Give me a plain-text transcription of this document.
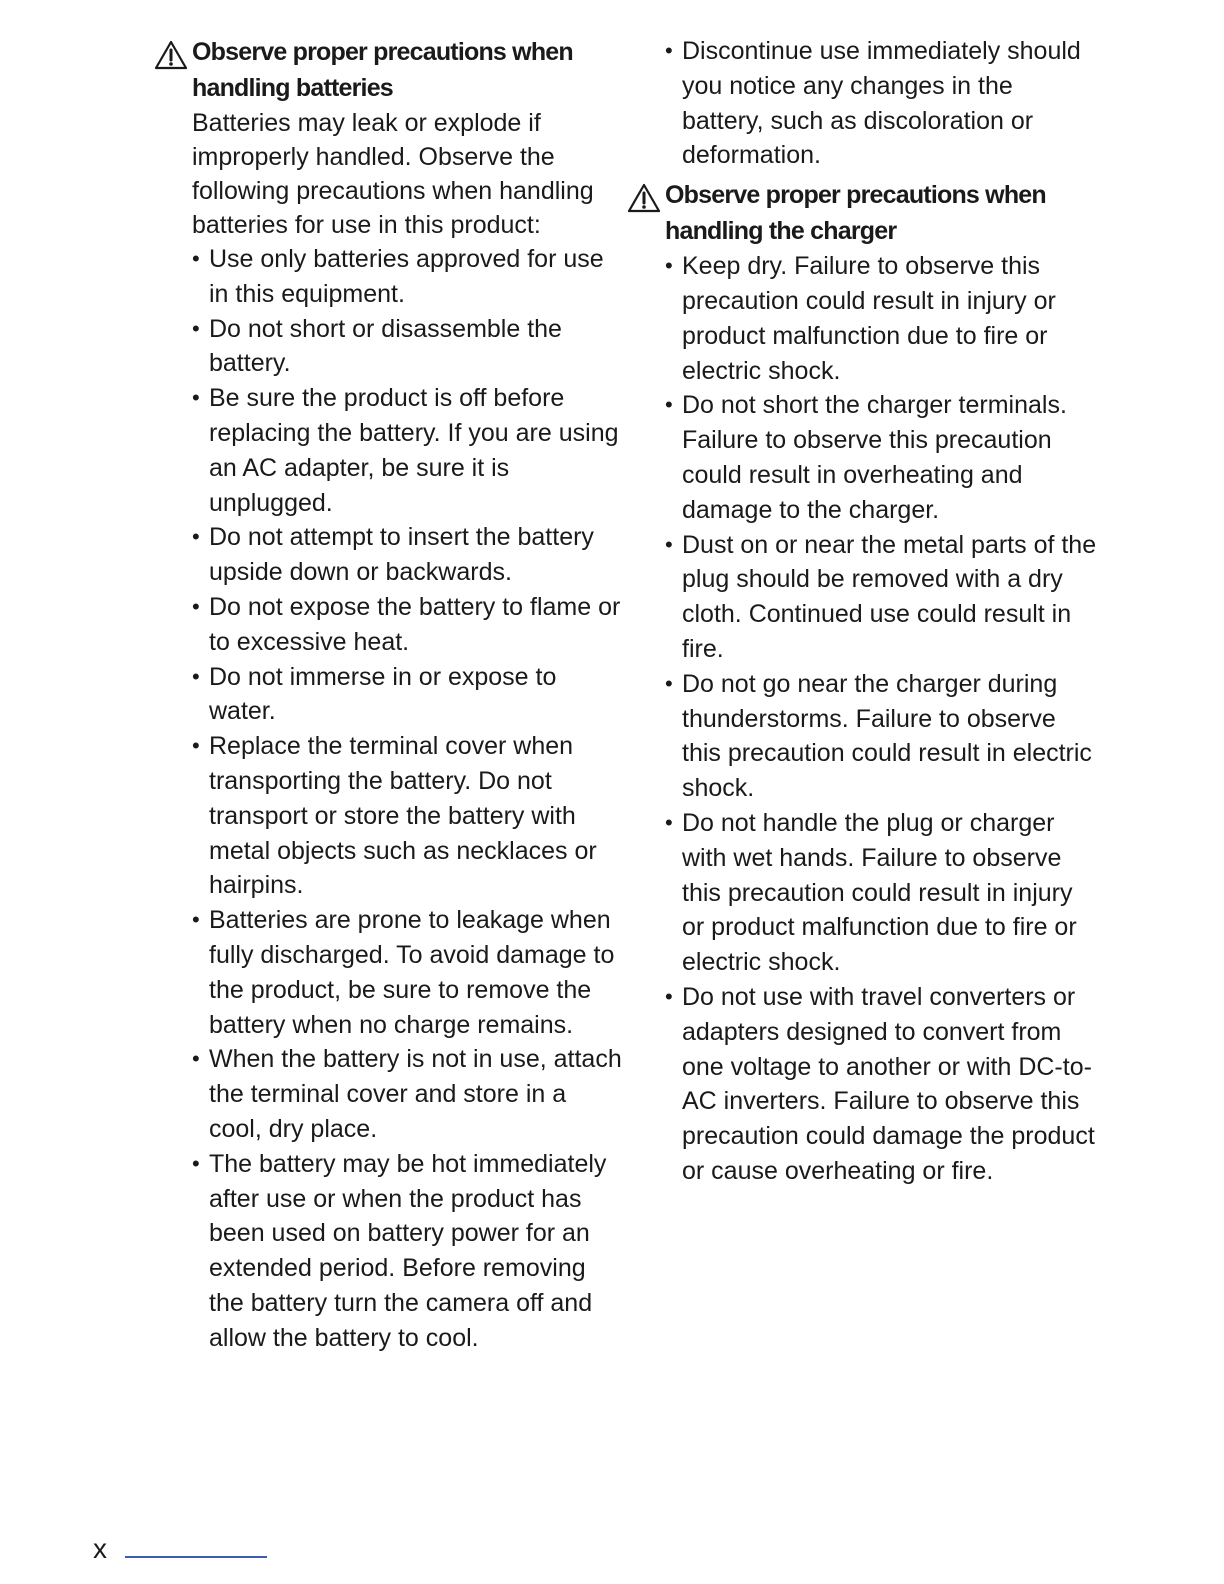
Observe proper precautions when handling batteries

Batteries may leak or explode if improperly handled. Observe the following precautions when handling batteries for use in this product:

• Use only batteries approved for use in this equipment.
• Do not short or disassemble the battery.
• Be sure the product is off before replacing the battery. If you are using an AC adapter, be sure it is unplugged.
• Do not attempt to insert the battery upside down or backwards.
• Do not expose the battery to flame or to excessive heat.
• Do not immerse in or expose to water.
• Replace the terminal cover when transporting the battery. Do not transport or store the battery with metal objects such as necklaces or hairpins.
• Batteries are prone to leakage when fully discharged. To avoid damage to the product, be sure to remove the battery when no charge remains.
• When the battery is not in use, attach the terminal cover and store in a cool, dry place.
• The battery may be hot immediately after use or when the product has been used on battery power for an extended period. Before removing the battery turn the camera off and allow the battery to cool.
• Discontinue use immediately should you notice any changes in the battery, such as discoloration or deformation.
Observe proper precautions when handling the charger
• Keep dry. Failure to observe this precaution could result in injury or product malfunction due to fire or electric shock.
• Do not short the charger terminals. Failure to observe this precaution could result in overheating and damage to the charger.
• Dust on or near the metal parts of the plug should be removed with a dry cloth. Continued use could result in fire.
• Do not go near the charger during thunderstorms. Failure to observe this precaution could result in electric shock.
• Do not handle the plug or charger with wet hands. Failure to observe this precaution could result in injury or product malfunction due to fire or electric shock.
• Do not use with travel converters or adapters designed to convert from one voltage to another or with DC-to-AC inverters. Failure to observe this precaution could damage the product or cause overheating or fire.
x
